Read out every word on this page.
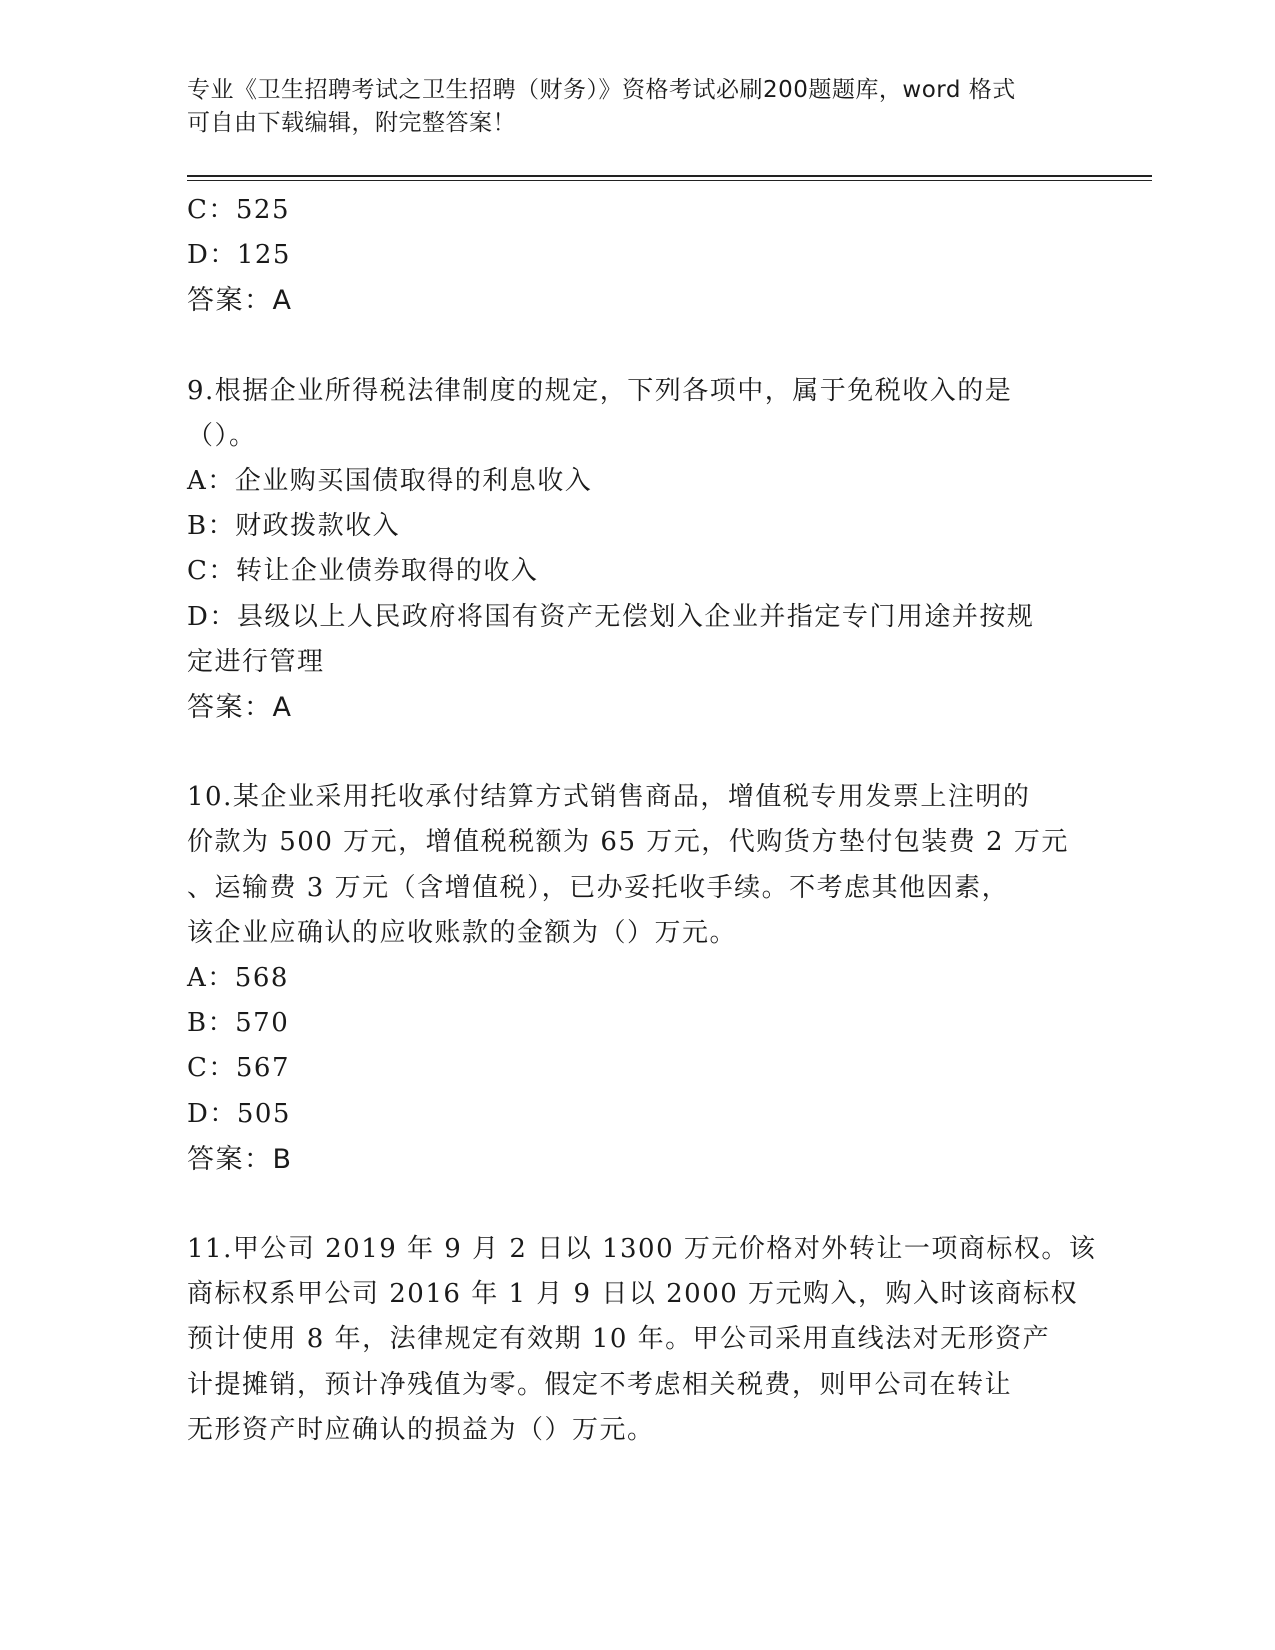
专业《卫生招聘考试之卫生招聘（财务）》资格考试必刷200题题库，word 格式
可自由下载编辑，附完整答案！
C：525
D：125
答案：A
9.根据企业所得税法律制度的规定，下列各项中，属于免税收入的是
（）。
A：企业购买国债取得的利息收入
B：财政拨款收入
C：转让企业债券取得的收入
D：县级以上人民政府将国有资产无偿划入企业并指定专门用途并按规
定进行管理
答案：A
10.某企业采用托收承付结算方式销售商品，增值税专用发票上注明的
价款为 500 万元，增值税税额为 65 万元，代购货方垫付包装费 2 万元
、运输费 3 万元（含增值税），已办妥托收手续。不考虑其他因素，
该企业应确认的应收账款的金额为（）万元。
A：568
B：570
C：567
D：505
答案：B
11.甲公司 2019 年 9 月 2 日以 1300 万元价格对外转让一项商标权。该
商标权系甲公司 2016 年 1 月 9 日以 2000 万元购入，购入时该商标权
预计使用 8 年，法律规定有效期 10 年。甲公司采用直线法对无形资产
计提摊销，预计净残值为零。假定不考虑相关税费，则甲公司在转让
无形资产时应确认的损益为（）万元。
